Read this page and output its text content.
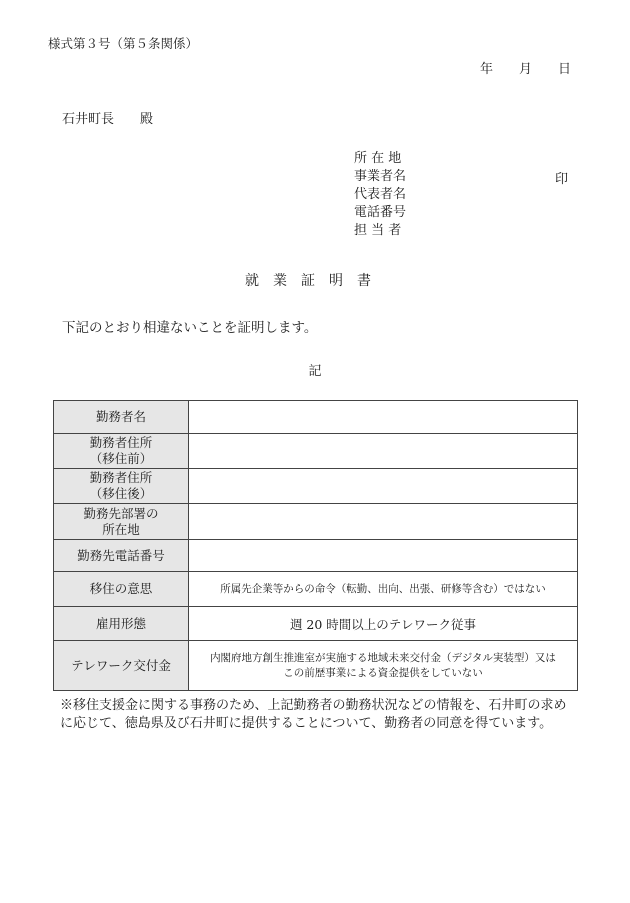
様式第３号（第５条関係）
年 月 日
石井町長 殿
所 在 地
事業者名
代表者名
電話番号
担 当 者
印
就業証明書
下記のとおり相違ないことを証明します。
記
勤務者名	

勤務者住所
（移住前）	

勤務者住所
（移住後）	

勤務先部署の
所在地	

勤務先電話番号	
移住の意思	所属先企業等からの命令（転勤、出向、出張、研修等含む）ではない

雇用形態	週 20 時間以上のテレワーク従事
テレワーク交付金	内閣府地方創生推進室が実施する地域未来交付金（デジタル実装型）又は
この前歴事業による資金提供をしていない
※移住支援金に関する事務のため、上記勤務者の勤務状況などの情報を、石井町の求めに応じて、徳島県及び石井町に提供することについて、勤務者の同意を得ています。
